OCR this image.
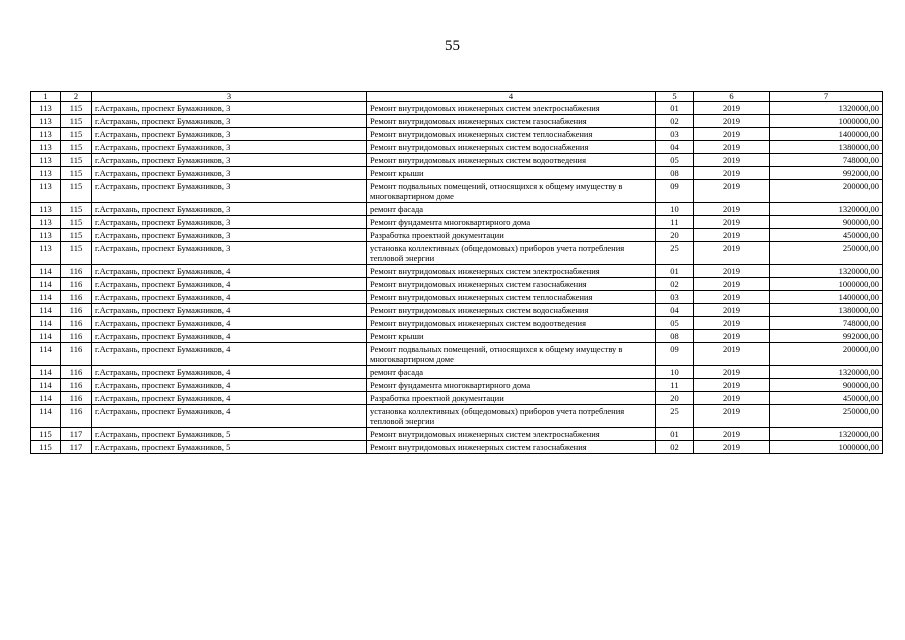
55
1	2	3	4	5	6	7
113	115	г.Астрахань, проспект Бумажников, 3	Ремонт внутридомовых инженерных систем электроснабжения	01	2019	1320000,00
113	115	г.Астрахань, проспект Бумажников, 3	Ремонт внутридомовых инженерных систем газоснабжения	02	2019	1000000,00
113	115	г.Астрахань, проспект Бумажников, 3	Ремонт внутридомовых инженерных систем теплоснабжения	03	2019	1400000,00
113	115	г.Астрахань, проспект Бумажников, 3	Ремонт внутридомовых инженерных систем водоснабжения	04	2019	1380000,00
113	115	г.Астрахань, проспект Бумажников, 3	Ремонт внутридомовых инженерных систем водоотведения	05	2019	748000,00
113	115	г.Астрахань, проспект Бумажников, 3	Ремонт крыши	08	2019	992000,00
113	115	г.Астрахань, проспект Бумажников, 3	Ремонт подвальных помещений, относящихся к общему имуществу в многоквартирном доме	09	2019	200000,00
113	115	г.Астрахань, проспект Бумажников, 3	ремонт фасада	10	2019	1320000,00
113	115	г.Астрахань, проспект Бумажников, 3	Ремонт фундамента многоквартирного дома	11	2019	900000,00
113	115	г.Астрахань, проспект Бумажников, 3	Разработка проектной документации	20	2019	450000,00
113	115	г.Астрахань, проспект Бумажников, 3	установка коллективных (общедомовых) приборов учета потребления тепловой энергии	25	2019	250000,00
114	116	г.Астрахань, проспект Бумажников, 4	Ремонт внутридомовых инженерных систем электроснабжения	01	2019	1320000,00
114	116	г.Астрахань, проспект Бумажников, 4	Ремонт внутридомовых инженерных систем газоснабжения	02	2019	1000000,00
114	116	г.Астрахань, проспект Бумажников, 4	Ремонт внутридомовых инженерных систем теплоснабжения	03	2019	1400000,00
114	116	г.Астрахань, проспект Бумажников, 4	Ремонт внутридомовых инженерных систем водоснабжения	04	2019	1380000,00
114	116	г.Астрахань, проспект Бумажников, 4	Ремонт внутридомовых инженерных систем водоотведения	05	2019	748000,00
114	116	г.Астрахань, проспект Бумажников, 4	Ремонт крыши	08	2019	992000,00
114	116	г.Астрахань, проспект Бумажников, 4	Ремонт подвальных помещений, относящихся к общему имуществу в многоквартирном доме	09	2019	200000,00
114	116	г.Астрахань, проспект Бумажников, 4	ремонт фасада	10	2019	1320000,00
114	116	г.Астрахань, проспект Бумажников, 4	Ремонт фундамента многоквартирного дома	11	2019	900000,00
114	116	г.Астрахань, проспект Бумажников, 4	Разработка проектной документации	20	2019	450000,00
114	116	г.Астрахань, проспект Бумажников, 4	установка коллективных (общедомовых) приборов учета потребления тепловой энергии	25	2019	250000,00
115	117	г.Астрахань, проспект Бумажников, 5	Ремонт внутридомовых инженерных систем электроснабжения	01	2019	1320000,00
115	117	г.Астрахань, проспект Бумажников, 5	Ремонт внутридомовых инженерных систем газоснабжения	02	2019	1000000,00
